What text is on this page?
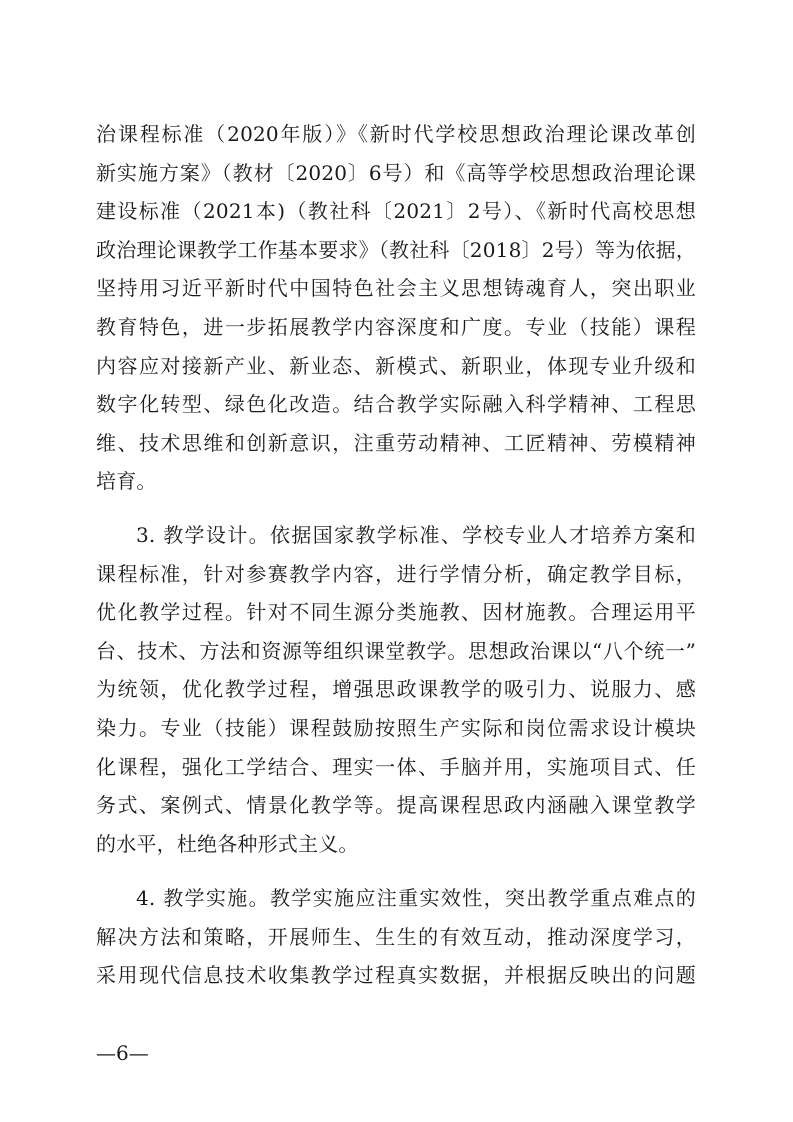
治课程标准（2020年版）》《新时代学校思想政治理论课改革创
新实施方案》（教材〔2020〕6号）和《高等学校思想政治理论课
建设标准（2021本)（教社科〔2021〕2号）、《新时代高校思想
政治理论课教学工作基本要求》（教社科〔2018〕2号）等为依据，
坚持用习近平新时代中国特色社会主义思想铸魂育人，突出职业
教育特色，进一步拓展教学内容深度和广度。专业（技能）课程
内容应对接新产业、新业态、新模式、新职业，体现专业升级和
数字化转型、绿色化改造。结合教学实际融入科学精神、工程思
维、技术思维和创新意识，注重劳动精神、工匠精神、劳模精神
培育。
3. 教学设计。依据国家教学标准、学校专业人才培养方案和
课程标准，针对参赛教学内容，进行学情分析，确定教学目标，
优化教学过程。针对不同生源分类施教、因材施教。合理运用平
台、技术、方法和资源等组织课堂教学。思想政治课以“八个统一”
为统领，优化教学过程，增强思政课教学的吸引力、说服力、感
染力。专业（技能）课程鼓励按照生产实际和岗位需求设计模块
化课程，强化工学结合、理实一体、手脑并用，实施项目式、任
务式、案例式、情景化教学等。提高课程思政内涵融入课堂教学
的水平，杜绝各种形式主义。
4. 教学实施。教学实施应注重实效性，突出教学重点难点的
解决方法和策略，开展师生、生生的有效互动，推动深度学习，
采用现代信息技术收集教学过程真实数据，并根据反映出的问题
—6—
